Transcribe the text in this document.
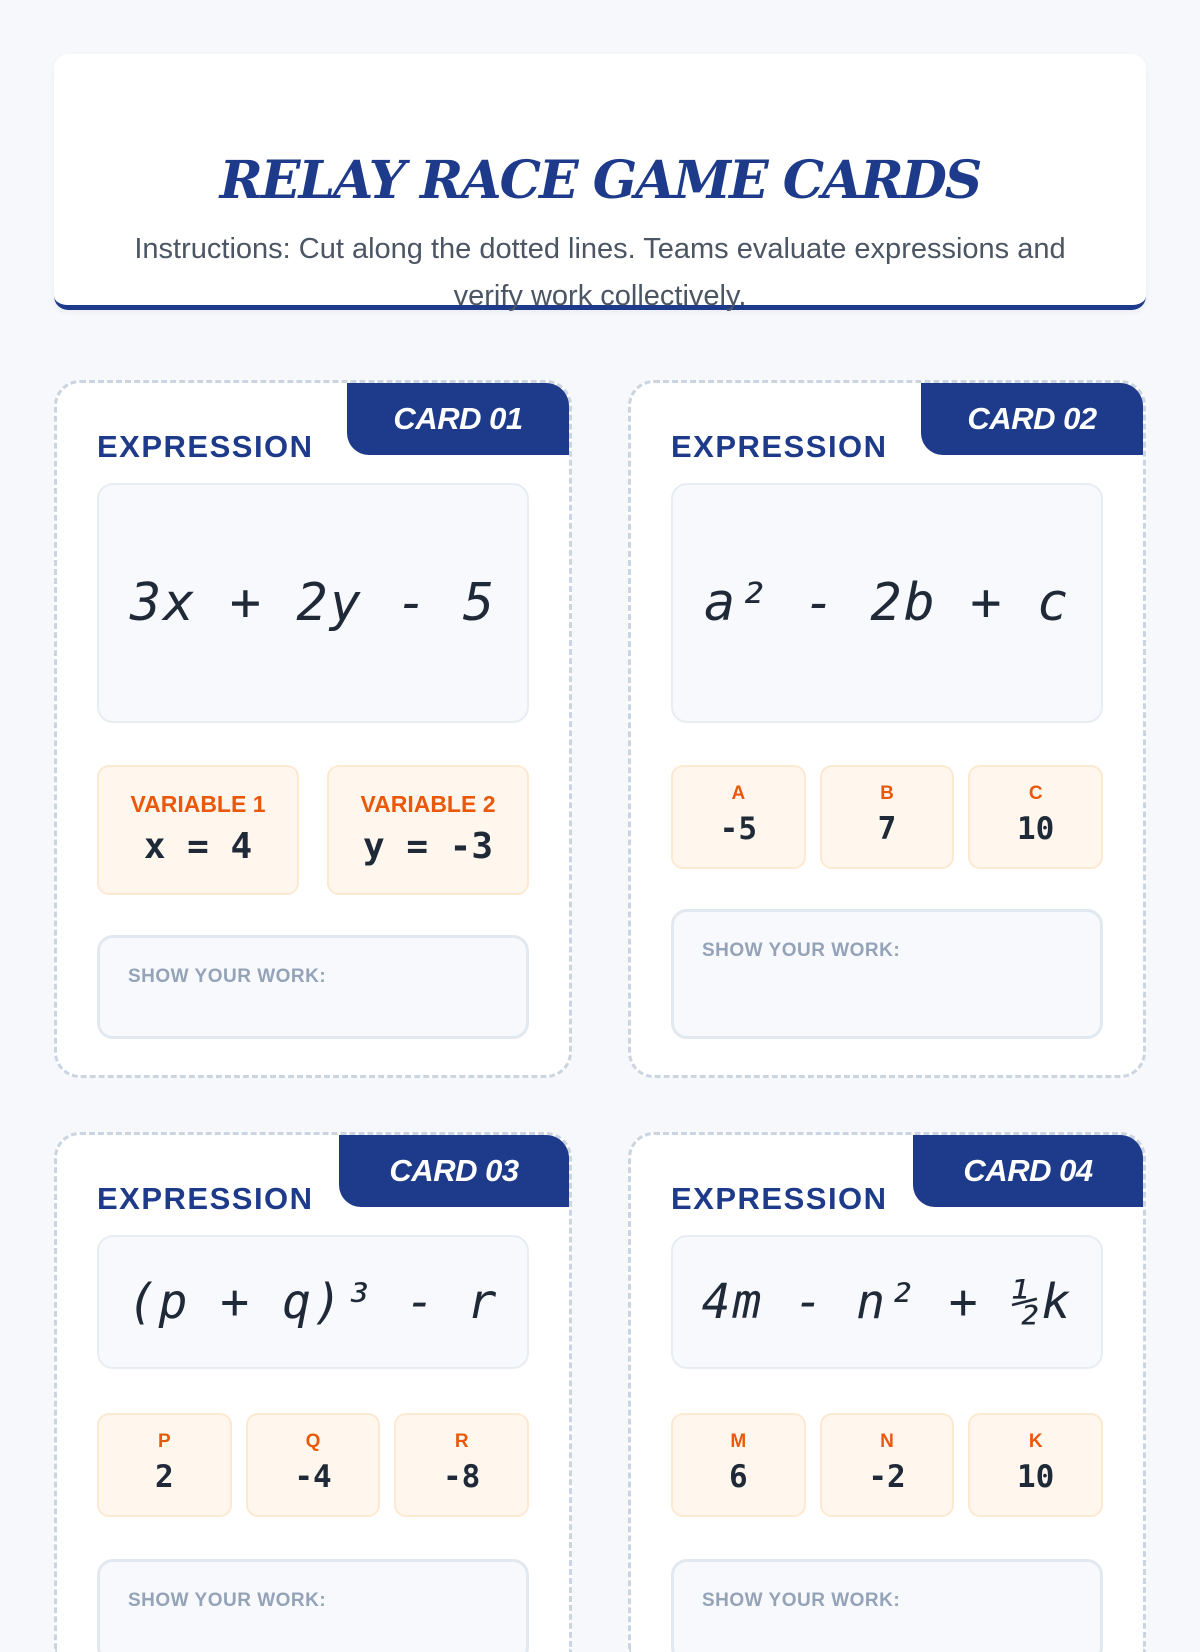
RELAY RACE GAME CARDS

Instructions: Cut along the dotted lines. Teams evaluate expressions and verify work collectively.

CARD 01
EXPRESSION
3x + 2y - 5
VARIABLE 1
x = 4
VARIABLE 2
y = -3
SHOW YOUR WORK:
CARD 02
EXPRESSION
a² - 2b + c
A
-5
B
7
C
10
SHOW YOUR WORK:
CARD 03
EXPRESSION
(p + q)³ - r
P
2
Q
-4
R
-8
SHOW YOUR WORK:
CARD 04
EXPRESSION
4m - n² + ½k
M
6
N
-2
K
10
SHOW YOUR WORK:
